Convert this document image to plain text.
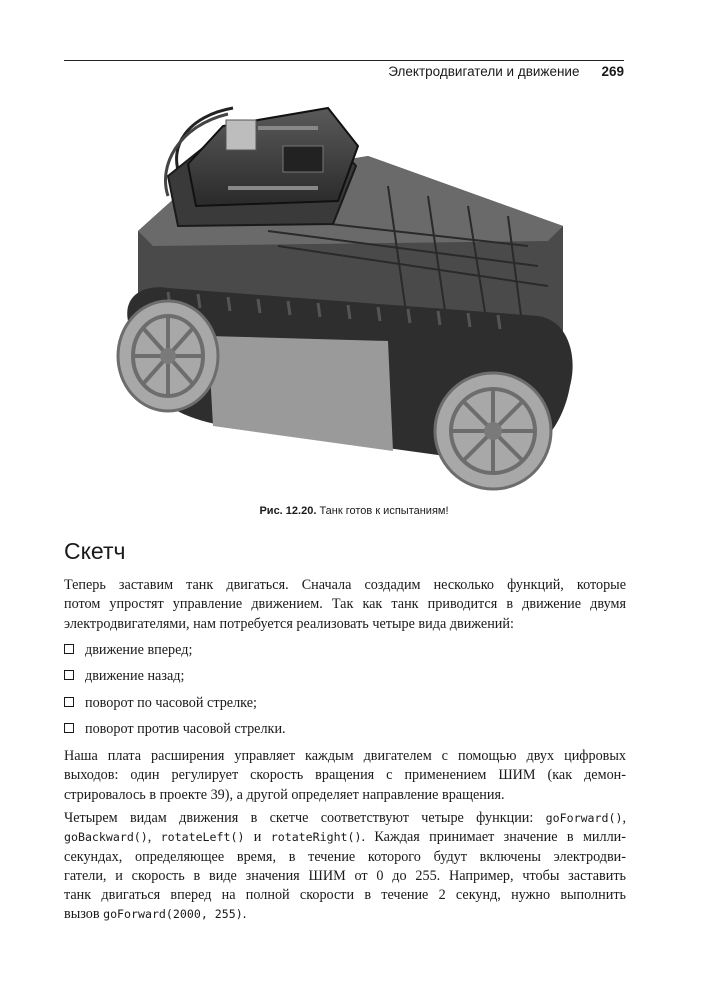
Электродвигатели и движение 269
Рис. 12.20. Танк готов к испытаниям!
Скетч

Теперь заставим танк двигаться. Сначала создадим несколько функций, которые
потом упростят управление движением. Так как танк приводится в движение двумя
электродвигателями, нам потребуется реализовать четыре вида движений:

движение вперед;
движение назад;
поворот по часовой стрелке;
поворот против часовой стрелки.

Наша плата расширения управляет каждым двигателем с помощью двух цифровых
выходов: один регулирует скорость вращения с применением ШИМ (как демон-
стрировалось в проекте 39), а другой определяет направление вращения.

Четырем видам движения в скетче соответствуют четыре функции: goForward(),
goBackward(), rotateLeft() и rotateRight(). Каждая принимает значение в милли-
секундах, определяющее время, в течение которого будут включены электродви-
гатели, и скорость в виде значения ШИМ от 0 до 255. Например, чтобы заставить
танк двигаться вперед на полной скорости в течение 2 секунд, нужно выполнить
вызов goForward(2000, 255).
